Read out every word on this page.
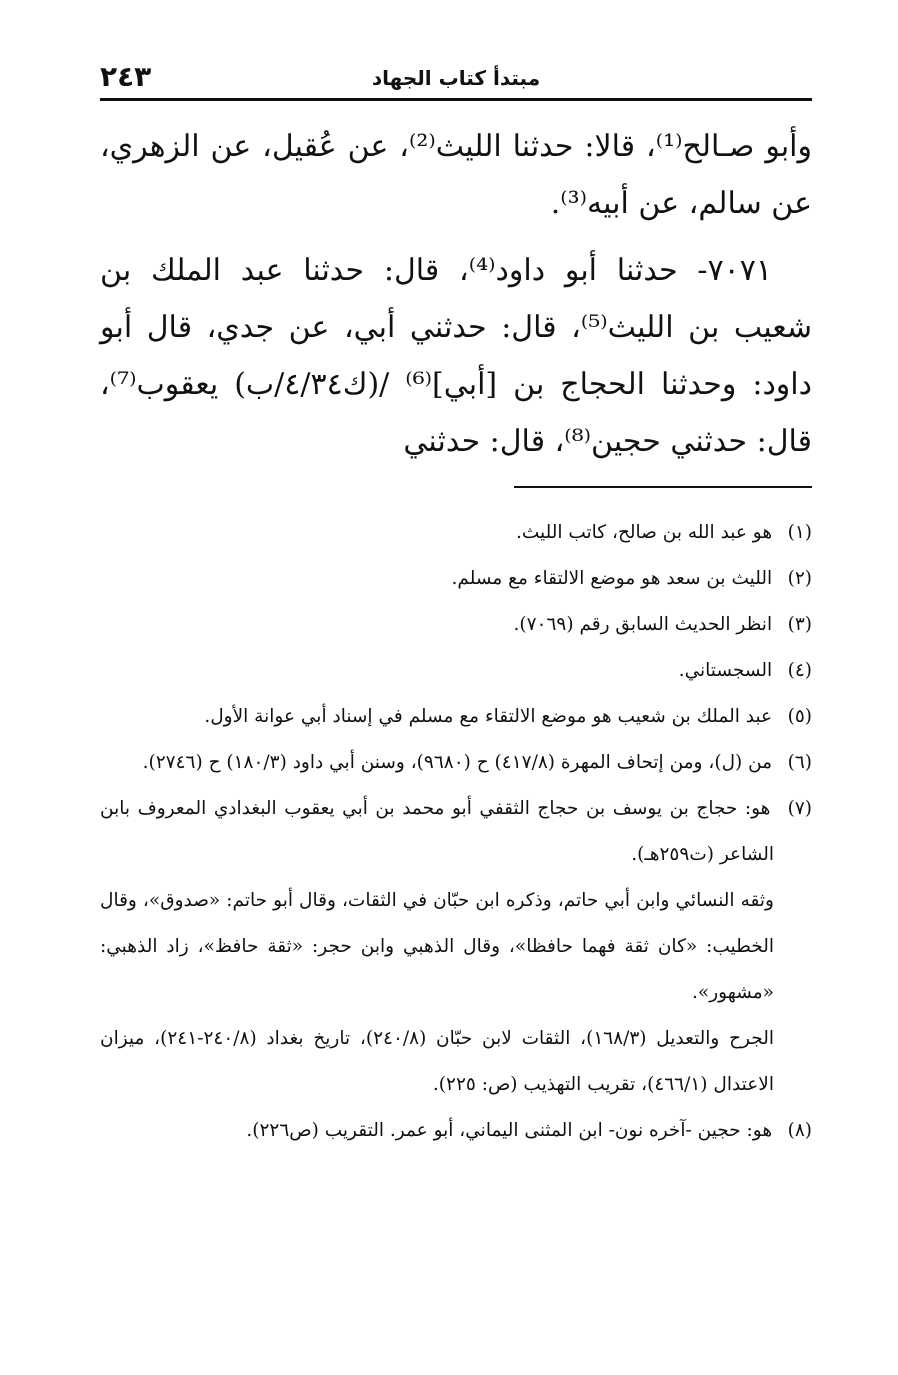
مبتدأ كتاب الجهاد
٢٤٣

وأبو صـالح⁽¹⁾، قالا: حدثنا الليث⁽²⁾، عن عُقيل، عن الزهري، عن سالم، عن أبيه⁽³⁾.

٧٠٧١- حدثنا أبو داود⁽⁴⁾، قال: حدثنا عبد الملك بن شعيب بن الليث⁽⁵⁾، قال: حدثني أبي، عن جدي، قال أبو داود: وحدثنا الحجاج بن [أبي]⁽⁶⁾ /(ك٤/٣٤/ب) يعقوب⁽⁷⁾، قال: حدثني حجين⁽⁸⁾، قال: حدثني

(١) هو عبد الله بن صالح، كاتب الليث.

(٢) الليث بن سعد هو موضع الالتقاء مع مسلم.

(٣) انظر الحديث السابق رقم (٧٠٦٩).

(٤) السجستاني.

(٥) عبد الملك بن شعيب هو موضع الالتقاء مع مسلم في إسناد أبي عوانة الأول.

(٦) من (ل)، ومن إتحاف المهرة (٤١٧/٨) ح (٩٦٨٠)، وسنن أبي داود (١٨٠/٣) ح (٢٧٤٦).

(٧) هو: حجاج بن يوسف بن حجاج الثقفي أبو محمد بن أبي يعقوب البغدادي المعروف بابن الشاعر (ت٢٥٩هـ).

وثقه النسائي وابن أبي حاتم، وذكره ابن حبّان في الثقات، وقال أبو حاتم: «صدوق»، وقال الخطيب: «كان ثقة فهما حافظا»، وقال الذهبي وابن حجر: «ثقة حافظ»، زاد الذهبي: «مشهور».

الجرح والتعديل (١٦٨/٣)، الثقات لابن حبّان (٢٤٠/٨)، تاريخ بغداد (٢٤٠/٨-٢٤١)، ميزان الاعتدال (٤٦٦/١)، تقريب التهذيب (ص: ٢٢٥).

(٨) هو: حجين -آخره نون- ابن المثنى اليماني، أبو عمر. التقريب (ص٢٢٦).
